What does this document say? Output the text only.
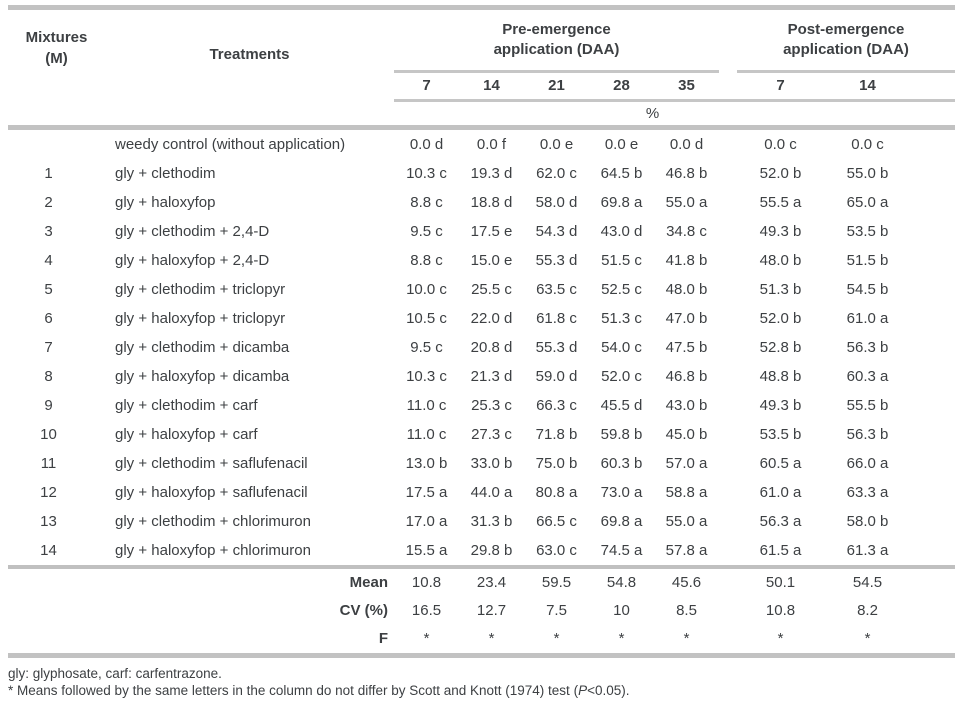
Mixtures
(M)	Treatments
Pre-emergence application (DAA)
Post-emergence application (DAA)
7	14	21	28	35	7	14
%
weedy control (without application)	0.0 d	0.0 f	0.0 e	0.0 e	0.0 d	0.0 c	0.0 c
1	gly + clethodim	10.3 c	19.3 d	62.0 c	64.5 b	46.8 b	52.0 b	55.0 b
2	gly + haloxyfop	8.8 c	18.8 d	58.0 d	69.8 a	55.0 a	55.5 a	65.0 a
3	gly + clethodim + 2,4-D	9.5 c	17.5 e	54.3 d	43.0 d	34.8 c	49.3 b	53.5 b
4	gly + haloxyfop + 2,4-D	8.8 c	15.0 e	55.3 d	51.5 c	41.8 b	48.0 b	51.5 b
5	gly + clethodim + triclopyr	10.0 c	25.5 c	63.5 c	52.5 c	48.0 b	51.3 b	54.5 b
6	gly + haloxyfop + triclopyr	10.5 c	22.0 d	61.8 c	51.3 c	47.0 b	52.0 b	61.0 a
7	gly + clethodim + dicamba	9.5 c	20.8 d	55.3 d	54.0 c	47.5 b	52.8 b	56.3 b
8	gly + haloxyfop + dicamba	10.3 c	21.3 d	59.0 d	52.0 c	46.8 b	48.8 b	60.3 a
9	gly + clethodim + carf	11.0 c	25.3 c	66.3 c	45.5 d	43.0 b	49.3 b	55.5 b
10	gly + haloxyfop + carf	11.0 c	27.3 c	71.8 b	59.8 b	45.0 b	53.5 b	56.3 b
11	gly + clethodim + saflufenacil	13.0 b	33.0 b	75.0 b	60.3 b	57.0 a	60.5 a	66.0 a
12	gly + haloxyfop + saflufenacil	17.5 a	44.0 a	80.8 a	73.0 a	58.8 a	61.0 a	63.3 a
13	gly + clethodim + chlorimuron	17.0 a	31.3 b	66.5 c	69.8 a	55.0 a	56.3 a	58.0 b
14	gly + haloxyfop + chlorimuron	15.5 a	29.8 b	63.0 c	74.5 a	57.8 a	61.5 a	61.3 a
Mean	10.8	23.4	59.5	54.8	45.6	50.1	54.5
CV (%)	16.5	12.7	7.5	10	8.5	10.8	8.2
F	*	*	*	*	*	*	*
gly: glyphosate, carf: carfentrazone.
* Means followed by the same letters in the column do not differ by Scott and Knott (1974) test (P<0.05).
